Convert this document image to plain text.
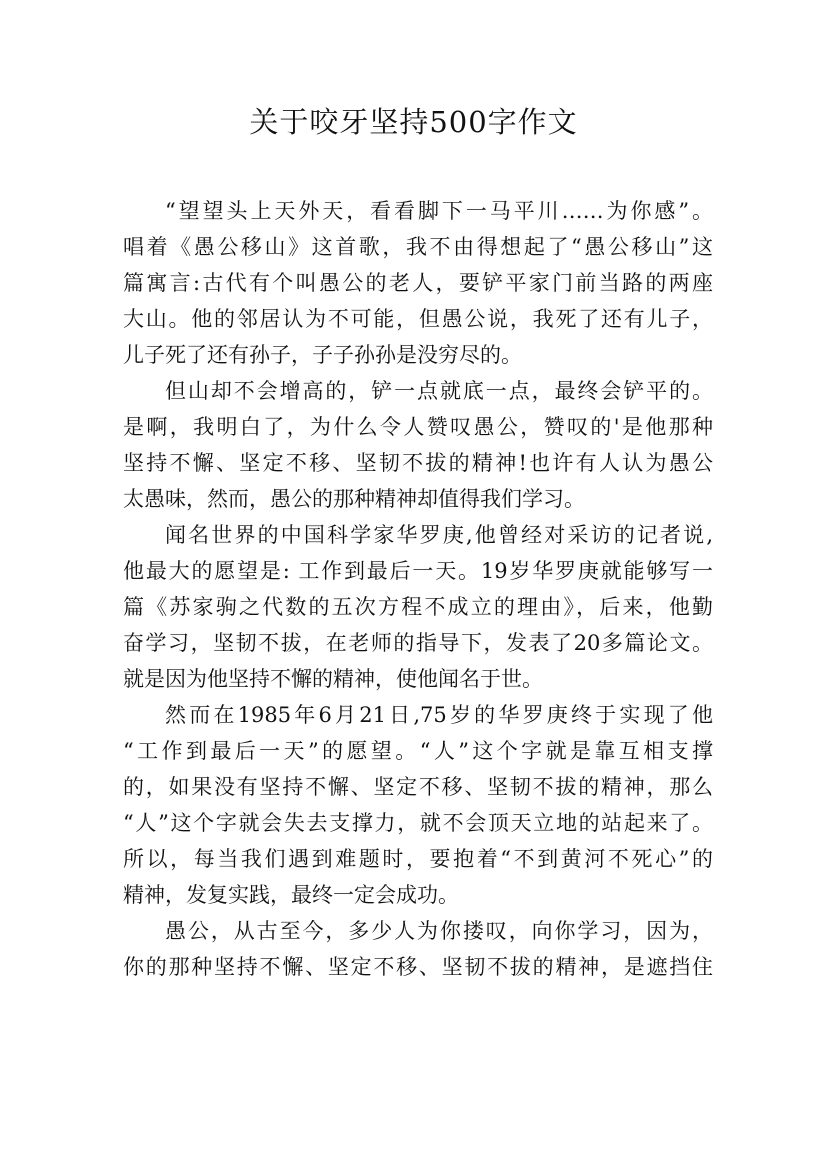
关于咬牙坚持500字作文
“望望头上天外天，看看脚下一马平川……为你感”。
唱着《愚公移山》这首歌，我不由得想起了“愚公移山”这
篇寓言:古代有个叫愚公的老人，要铲平家门前当路的两座
大山。他的邻居认为不可能，但愚公说，我死了还有儿子，
儿子死了还有孙子，子子孙孙是没穷尽的。
但山却不会增高的，铲一点就底一点，最终会铲平的。
是啊，我明白了，为什么令人赞叹愚公，赞叹的'是他那种
坚持不懈、坚定不移、坚韧不拔的精神!也许有人认为愚公
太愚味，然而，愚公的那种精神却值得我们学习。
闻名世界的中国科学家华罗庚,他曾经对采访的记者说,
他最大的愿望是: 工作到最后一天。19岁华罗庚就能够写一
篇《苏家驹之代数的五次方程不成立的理由》，后来，他勤
奋学习，坚韧不拔，在老师的指导下，发表了20多篇论文。
就是因为他坚持不懈的精神，使他闻名于世。
然而在1985年6月21日,75岁的华罗庚终于实现了他
“工作到最后一天”的愿望。“人”这个字就是靠互相支撑
的，如果没有坚持不懈、坚定不移、坚韧不拔的精神，那么
“人”这个字就会失去支撑力，就不会顶天立地的站起来了。
所以，每当我们遇到难题时，要抱着“不到黄河不死心”的
精神，发复实践，最终一定会成功。
愚公，从古至今，多少人为你搂叹，向你学习，因为，
你的那种坚持不懈、坚定不移、坚韧不拔的精神，是遮挡住
